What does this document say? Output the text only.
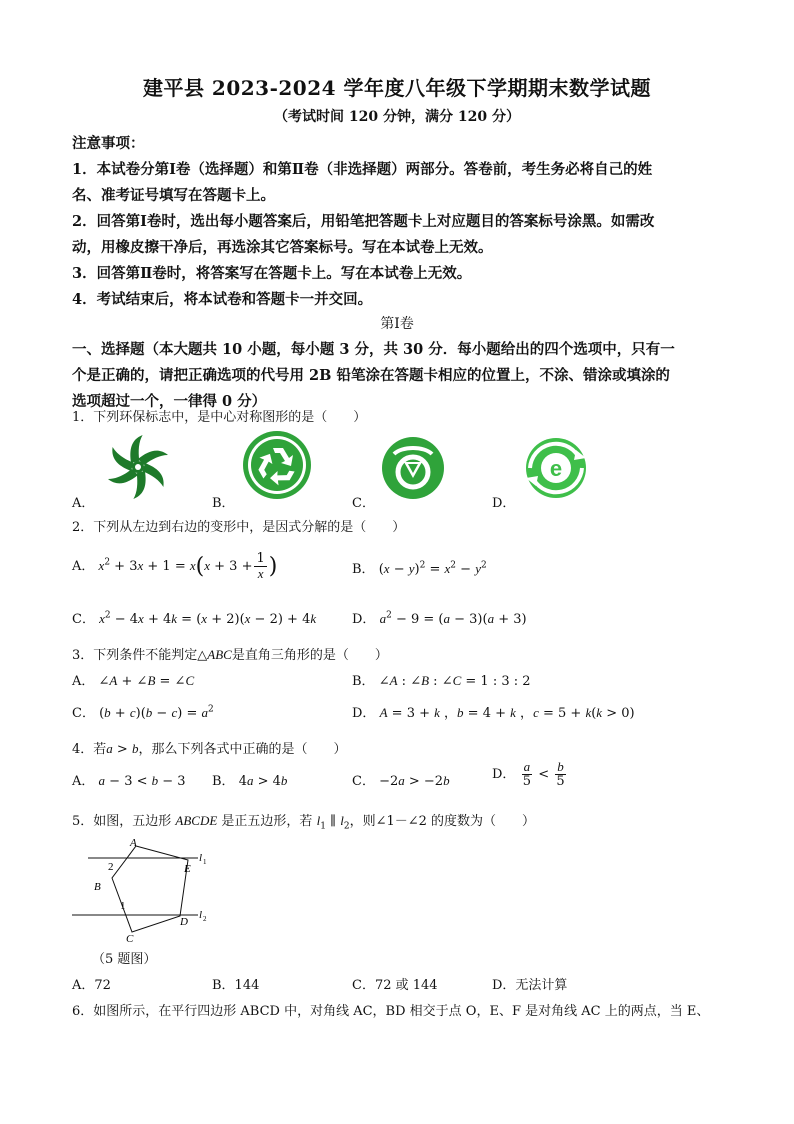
建平县 2023-2024 学年度八年级下学期期末数学试题
（考试时间 120 分钟，满分 120 分）
注意事项：
1．本试卷分第Ⅰ卷（选择题）和第Ⅱ卷（非选择题）两部分。答卷前，考生务必将自己的姓
名、准考证号填写在答题卡上。
2．回答第Ⅰ卷时，选出每小题答案后，用铅笔把答题卡上对应题目的答案标号涂黑。如需改
动，用橡皮擦干净后，再选涂其它答案标号。写在本试卷上无效。
3．回答第Ⅱ卷时，将答案写在答题卡上。写在本试卷上无效。
4．考试结束后，将本试卷和答题卡一并交回。
第Ⅰ卷
一、选择题（本大题共 10 小题，每小题 3 分，共 30 分．每小题给出的四个选项中，只有一
个是正确的，请把正确选项的代号用 2B 铅笔涂在答题卡相应的位置上，不涂、错涂或填涂的
选项超过一个，一律得 0 分）
1．下列环保标志中，是中心对称图形的是（　　）
e
A．	B．	C．	D．
2．下列从左边到右边的变形中，是因式分解的是（　　）
A． $x^2 + 3x + 1 = x(x + 3 + \frac{1}{x}$ )	B． $(x - y)^2 = x^2 - y^2$
C． $x^2 - 4x + 4k = (x + 2)(x - 2) + 4k$	D． $a^2 - 9 = (a - 3)(a + 3)$
3．下列条件不能判定△ABC是直角三角形的是（　　）
A． ∠A + ∠B = ∠C	B． ∠A : ∠B : ∠C = 1 : 3 : 2
C． $(b + c)(b - c) = a^2$	D． A = 3 + k ，b = 4 + k ，c = 5 + k(k > 0)
4．若a > b，那么下列各式中正确的是（　　）
A． a − 3 < b − 3 B． 4a > 4b	C． −2a > −2b	D． $\frac{a}{5} < \frac{b}{5}$
5．如图，五边形 ABCDE 是正五边形，若 $l_1$ ∥ $l_2$，则∠1－∠2 的度数为（　　）
A
E
B
D
C
2
1
l 1
l 2
（5 题图）
A．72	B．144	C．72 或 144	D．无法计算
6．如图所示，在平行四边形 ABCD 中，对角线 AC，BD 相交于点 O，E、F 是对角线 AC 上的两点，当 E、
